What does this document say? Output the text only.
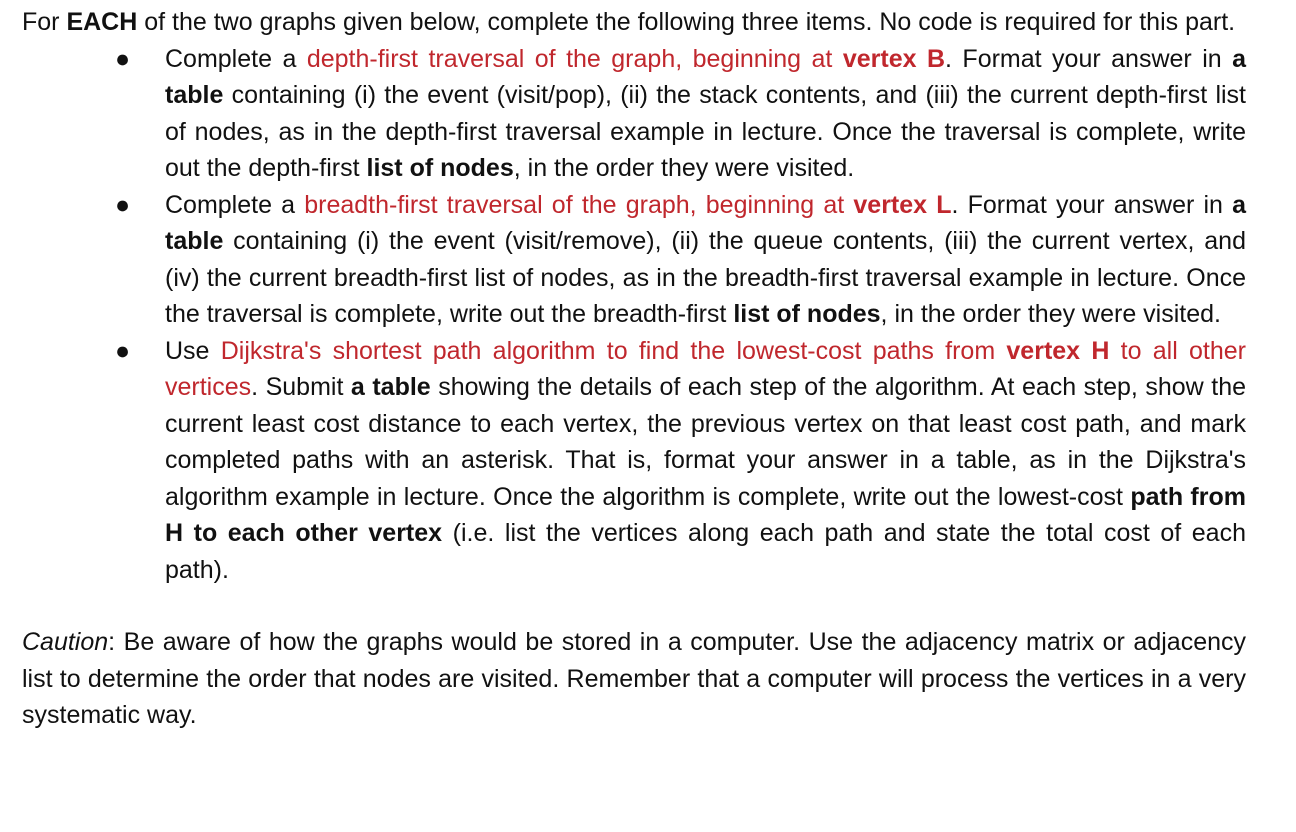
For EACH of the two graphs given below, complete the following three items. No code is required for this part.

● Complete a depth-first traversal of the graph, beginning at vertex B. Format your answer in a table containing (i) the event (visit/pop), (ii) the stack contents, and (iii) the current depth-first list of nodes, as in the depth-first traversal example in lecture. Once the traversal is complete, write out the depth-first list of nodes, in the order they were visited.
● Complete a breadth-first traversal of the graph, beginning at vertex L. Format your answer in a table containing (i) the event (visit/remove), (ii) the queue contents, (iii) the current vertex, and (iv) the current breadth-first list of nodes, as in the breadth-first traversal example in lecture. Once the traversal is complete, write out the breadth-first list of nodes, in the order they were visited.
● Use Dijkstra's shortest path algorithm to find the lowest-cost paths from vertex H to all other vertices. Submit a table showing the details of each step of the algorithm. At each step, show the current least cost distance to each vertex, the previous vertex on that least cost path, and mark completed paths with an asterisk. That is, format your answer in a table, as in the Dijkstra's algorithm example in lecture. Once the algorithm is complete, write out the lowest-cost path from H to each other vertex (i.e. list the vertices along each path and state the total cost of each path).

Caution: Be aware of how the graphs would be stored in a computer. Use the adjacency matrix or adjacency list to determine the order that nodes are visited. Remember that a computer will process the vertices in a very systematic way.
